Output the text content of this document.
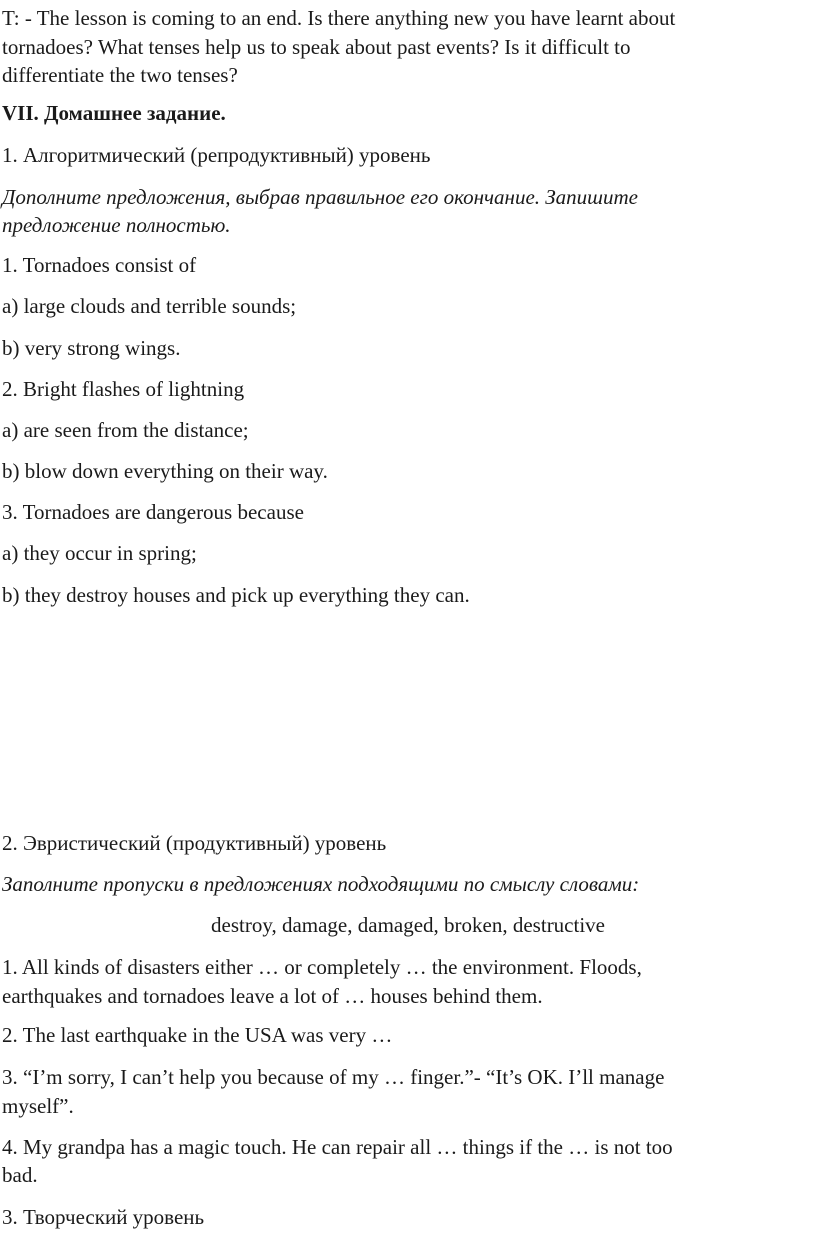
T: - The lesson is coming to an end. Is there anything new you have learnt about

tornadoes? What tenses help us to speak about past events? Is it difficult to

differentiate the two tenses?

VII. Домашнее задание.

1. Алгоритмический (репродуктивный) уровень

Дополните предложения, выбрав правильное его окончание. Запишите

предложение полностью.

1. Tornadoes consist of

a) large clouds and terrible sounds;

b) very strong wings.

2. Bright flashes of lightning

a) are seen from the distance;

b) blow down everything on their way.

3. Tornadoes are dangerous because

a) they occur in spring;

b) they destroy houses and pick up everything they can.

2. Эвристический (продуктивный) уровень

Заполните пропуски в предложениях подходящими по смыслу словами:

destroy, damage, damaged, broken, destructive

1. All kinds of disasters either … or completely … the environment. Floods,

earthquakes and tornadoes leave a lot of … houses behind them.

2. The last earthquake in the USA was very …

3. “I’m sorry, I can’t help you because of my … finger.”- “It’s OK. I’ll manage

myself”.

4. My grandpa has a magic touch. He can repair all … things if the … is not too

bad.

3. Творческий уровень
